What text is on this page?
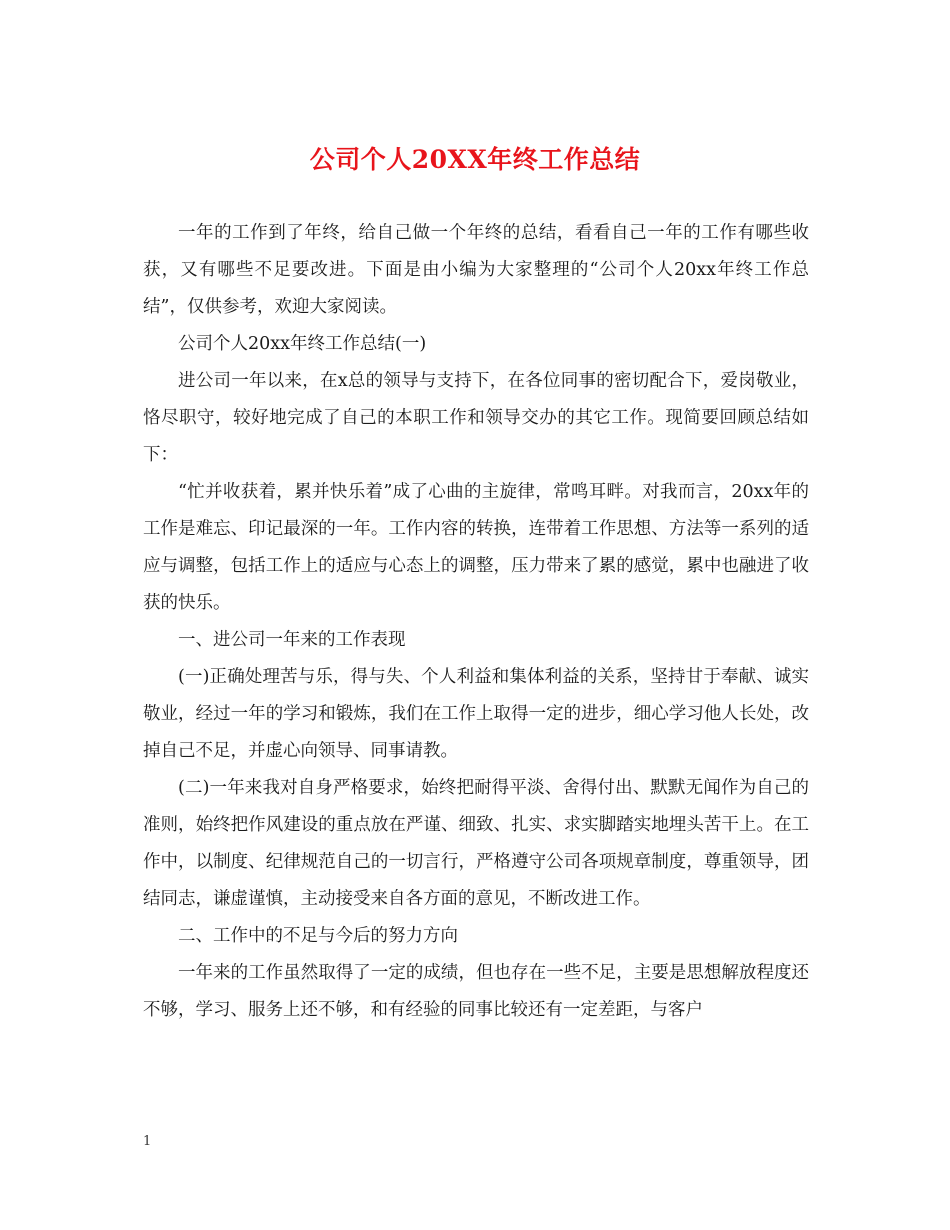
公司个人20XX年终工作总结

一年的工作到了年终，给自己做一个年终的总结，看看自己一年的工作有哪些收获，又有哪些不足要改进。下面是由小编为大家整理的“公司个人20xx年终工作总结”，仅供参考，欢迎大家阅读。

公司个人20xx年终工作总结(一)

进公司一年以来，在x总的领导与支持下，在各位同事的密切配合下，爱岗敬业，恪尽职守，较好地完成了自己的本职工作和领导交办的其它工作。现简要回顾总结如下：

“忙并收获着，累并快乐着”成了心曲的主旋律，常鸣耳畔。对我而言，20xx年的工作是难忘、印记最深的一年。工作内容的转换，连带着工作思想、方法等一系列的适应与调整，包括工作上的适应与心态上的调整，压力带来了累的感觉，累中也融进了收获的快乐。

一、进公司一年来的工作表现

(一)正确处理苦与乐，得与失、个人利益和集体利益的关系，坚持甘于奉献、诚实敬业，经过一年的学习和锻炼，我们在工作上取得一定的进步，细心学习他人长处，改掉自己不足，并虚心向领导、同事请教。

(二)一年来我对自身严格要求，始终把耐得平淡、舍得付出、默默无闻作为自己的准则，始终把作风建设的重点放在严谨、细致、扎实、求实脚踏实地埋头苦干上。在工作中，以制度、纪律规范自己的一切言行，严格遵守公司各项规章制度，尊重领导，团结同志，谦虚谨慎，主动接受来自各方面的意见，不断改进工作。

二、工作中的不足与今后的努力方向

一年来的工作虽然取得了一定的成绩，但也存在一些不足，主要是思想解放程度还不够，学习、服务上还不够，和有经验的同事比较还有一定差距，与客户

1
